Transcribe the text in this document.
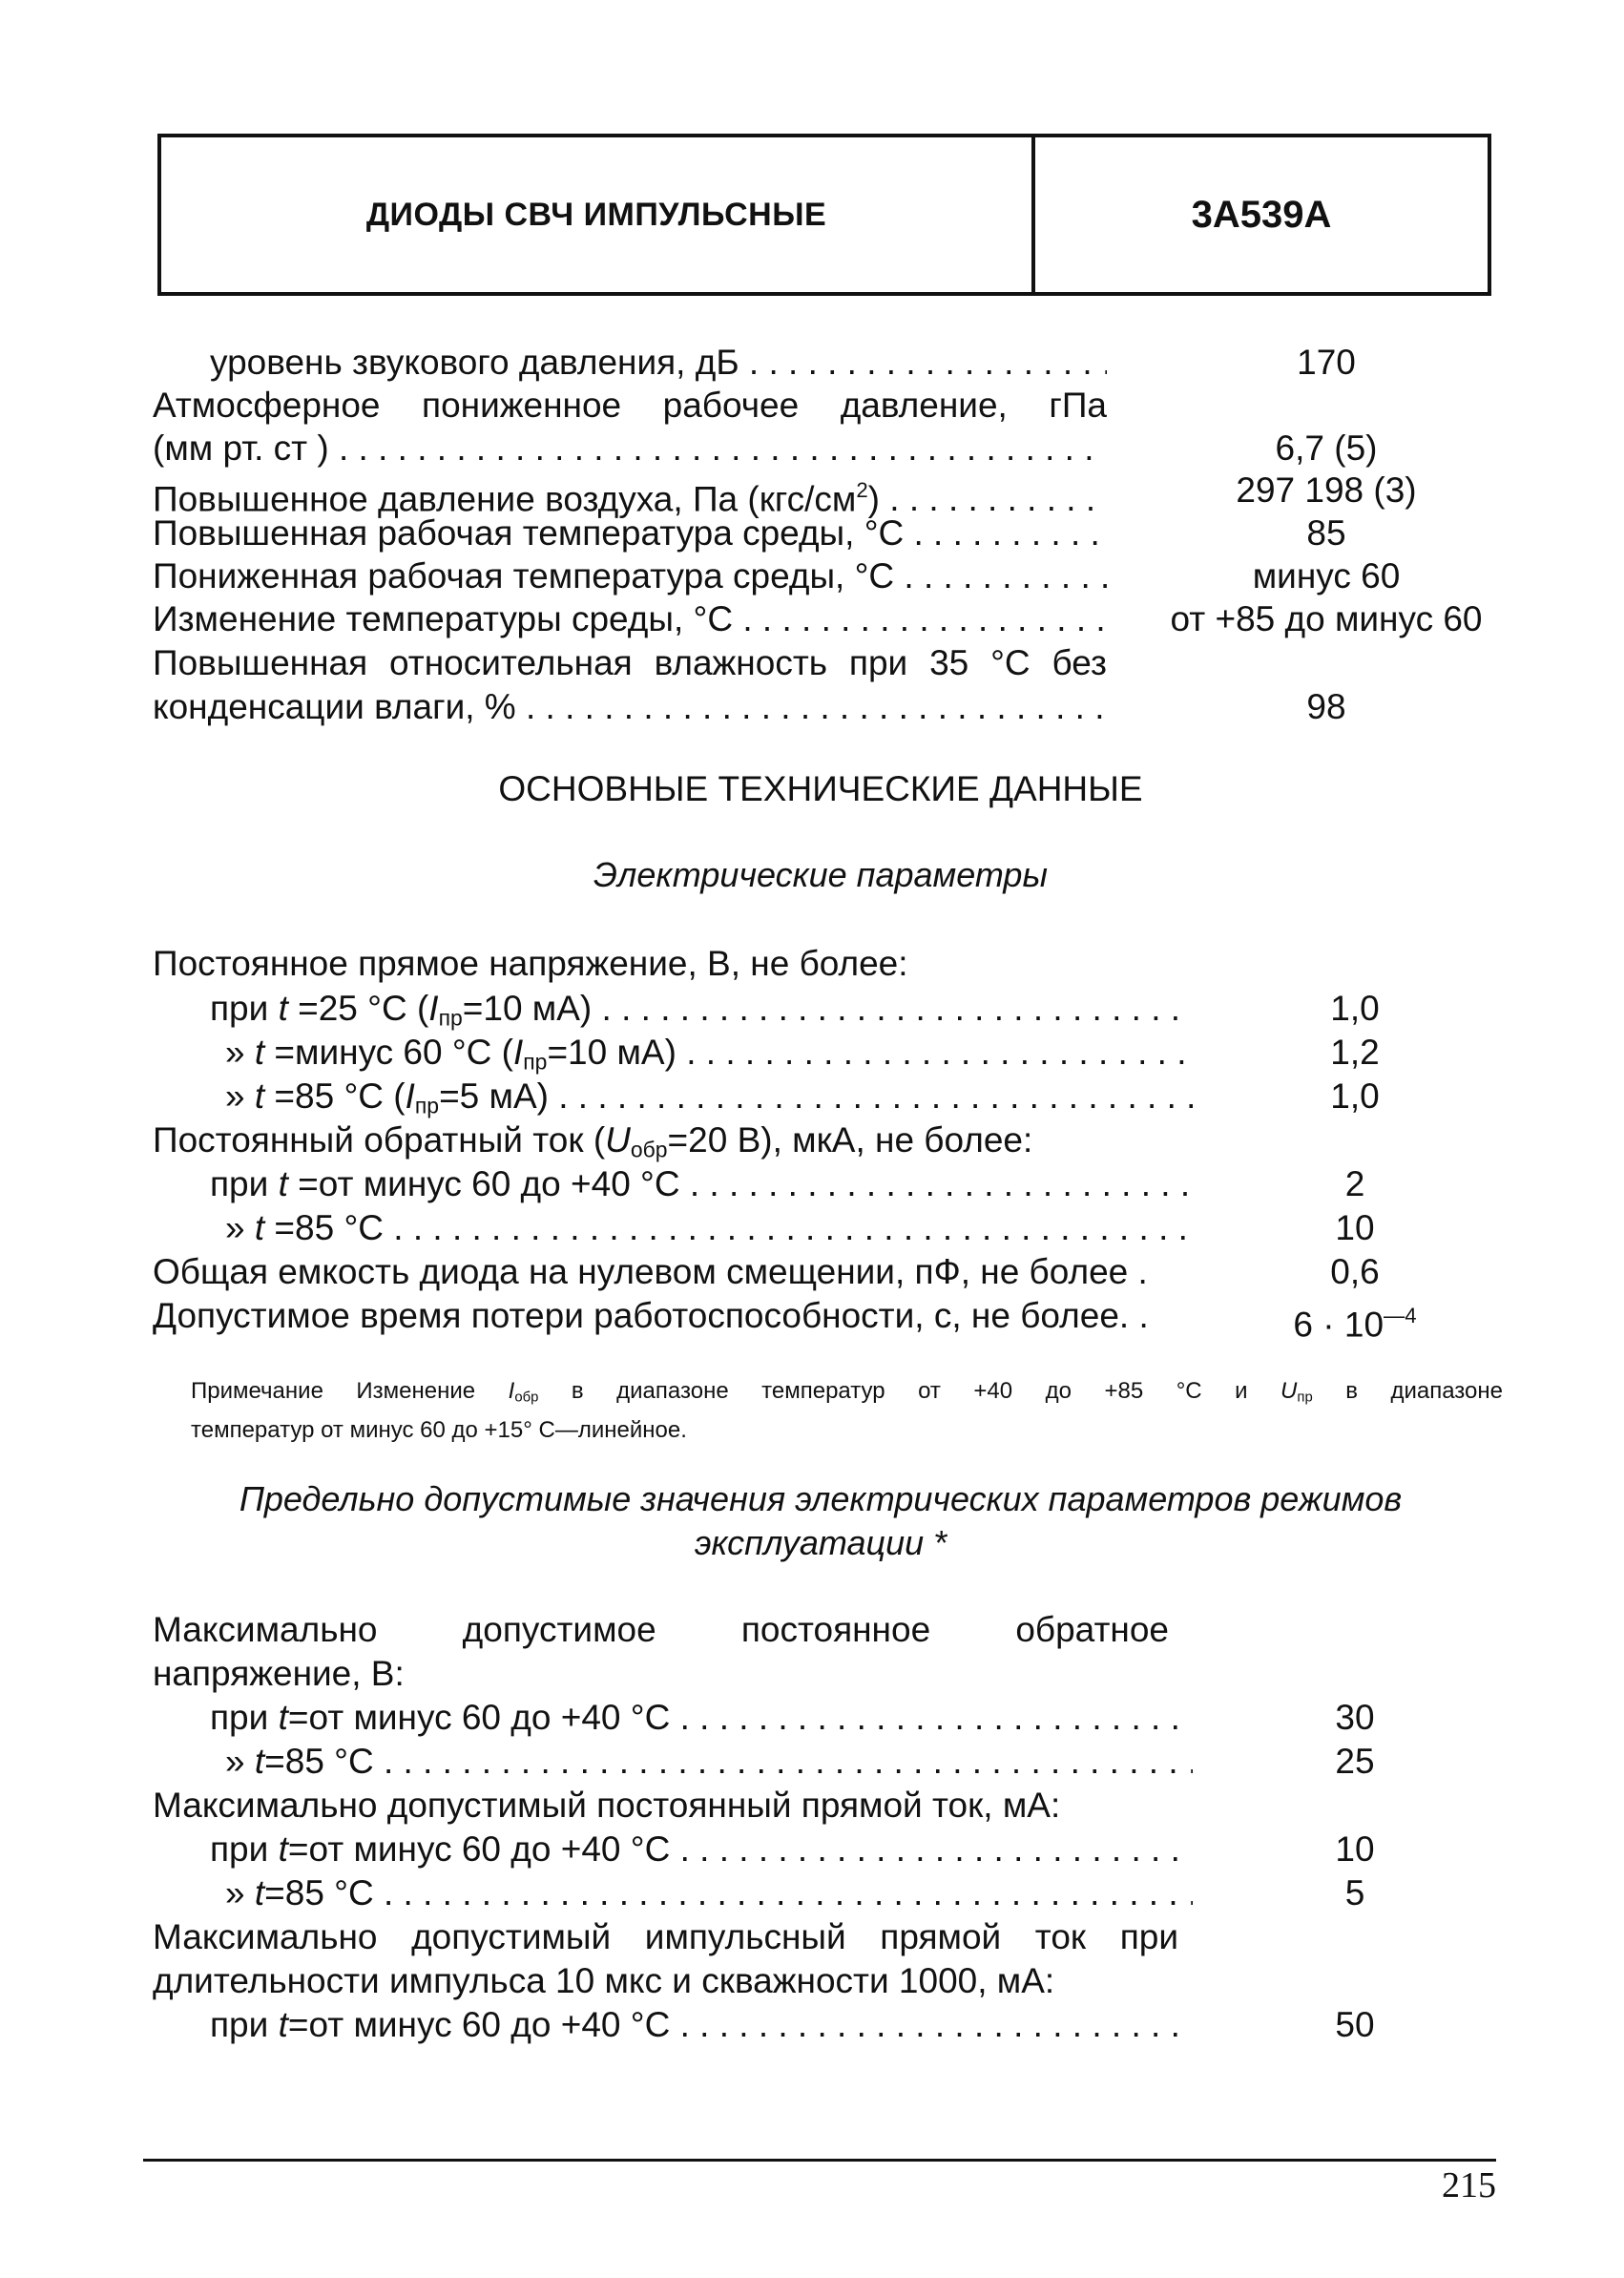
ДИОДЫ СВЧ ИМПУЛЬСНЫЕ	3А539А
уровень звукового давления, дБ . . .	170
Атмосферное пониженное рабочее давление, гПа
(мм рт. ст ) . . .	6,7 (5)
Повышенное давление воздуха, Па $(кгс/см^2)$ . . .	297 198 (3)
Повышенная рабочая температура среды, °С . . .	85
Пониженная рабочая температура среды, °С . . .	минус 60
Изменение температуры среды, °С . . .	от +85 до минус 60
Повышенная относительная влажность при 35 °С без
конденсации влаги, % . . .	98
ОСНОВНЫЕ ТЕХНИЧЕСКИЕ ДАННЫЕ
Электрические параметры
Постоянное прямое напряжение, В, не более:
при t =25 °С ($I_{пр}=10$ мА) . . .	1,0
» t =минус 60 °С ($I_{пр}=10$ мА) . . .	1,2
» t =85 °С ($I_{пр}=5$ мА) . . .	1,0
Постоянный обратный ток ($U_{обр}=20$ В), мкА, не более:
при t =от минус 60 до +40 °С . . .	2
» t =85 °С . . .	10
Общая емкость диода на нулевом смещении, пФ, не более .	0,6
Допустимое время потери работоспособности, с, не более. .	$6 \cdot 10^{—4}$
Примечание Изменение $I_{обр}$ в диапазоне температур от +40 до +85 °С и $U_{пр}$ в диапазоне
температур от минус 60 до +15° С—линейное.
Предельно допустимые значения электрических параметров режимов
эксплуатации *
Максимально допустимое постоянное обратное
напряжение, В:
при t=от минус 60 до +40 °С . . .	30
» t=85 °С . . .	25
Максимально допустимый постоянный прямой ток, мА:
при t=от минус 60 до +40 °С . . .	10
» t=85 °С . . .	5
Максимально допустимый импульсный прямой ток при
длительности импульса 10 мкс и скважности 1000, мА:
при t=от минус 60 до +40 °С . . .	50
215
